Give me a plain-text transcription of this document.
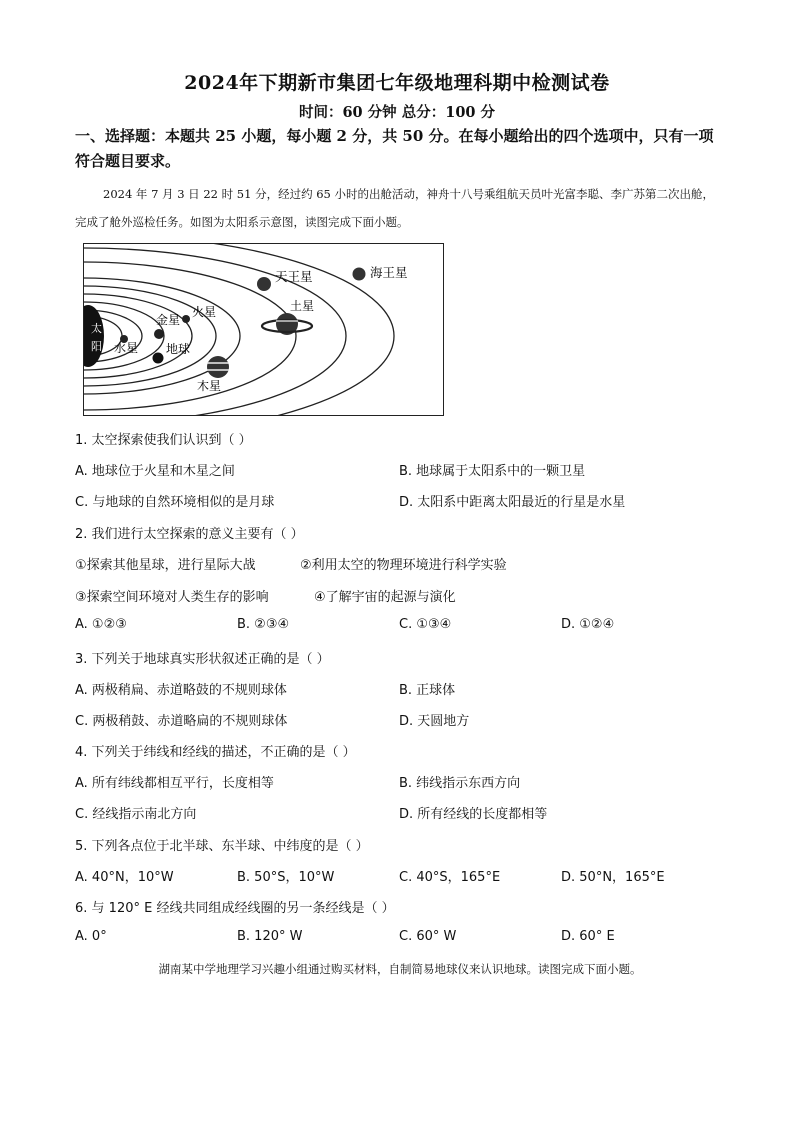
2024年下期新市集团七年级地理科期中检测试卷
时间：60 分钟 总分：100 分
一、选择题：本题共 25 小题，每小题 2 分，共 50 分。在每小题给出的四个选项中，只有一项符合题目要求。
2024 年 7 月 3 日 22 时 51 分，经过约 65 小时的出舱活动，神舟十八号乘组航天员叶光富李聪、李广苏第二次出舱，完成了舱外巡检任务。如图为太阳系示意图，读图完成下面小题。
太
阳 水星
金星
地球
火星
木星
土星
天王星	海王星
1. 太空探索使我们认识到（ ）
A. 地球位于火星和木星之间	B. 地球属于太阳系中的一颗卫星
C. 与地球的自然环境相似的是月球	D. 太阳系中距离太阳最近的行星是水星
2. 我们进行太空探索的意义主要有（ ）
①探索其他星球，进行星际大战	②利用太空的物理环境进行科学实验
③探索空间环境对人类生存的影响	④了解宇宙的起源与演化
A. ①②③	B. ②③④	C. ①③④	D. ①②④
3. 下列关于地球真实形状叙述正确的是（ ）
A. 两极稍扁、赤道略鼓的不规则球体	B. 正球体
C. 两极稍鼓、赤道略扁的不规则球体	D. 天圆地方
4. 下列关于纬线和经线的描述，不正确的是（ ）
A. 所有纬线都相互平行，长度相等	B. 纬线指示东西方向
C. 经线指示南北方向	D. 所有经线的长度都相等
5. 下列各点位于北半球、东半球、中纬度的是（ ）
A. 40°N，10°W	B. 50°S，10°W	C. 40°S，165°E	D. 50°N，165°E
6. 与 120° E 经线共同组成经线圈的另一条经线是（ ）
A. 0°	B. 120° W	C. 60° W	D. 60° E
湖南某中学地理学习兴趣小组通过购买材料，自制简易地球仪来认识地球。读图完成下面小题。
